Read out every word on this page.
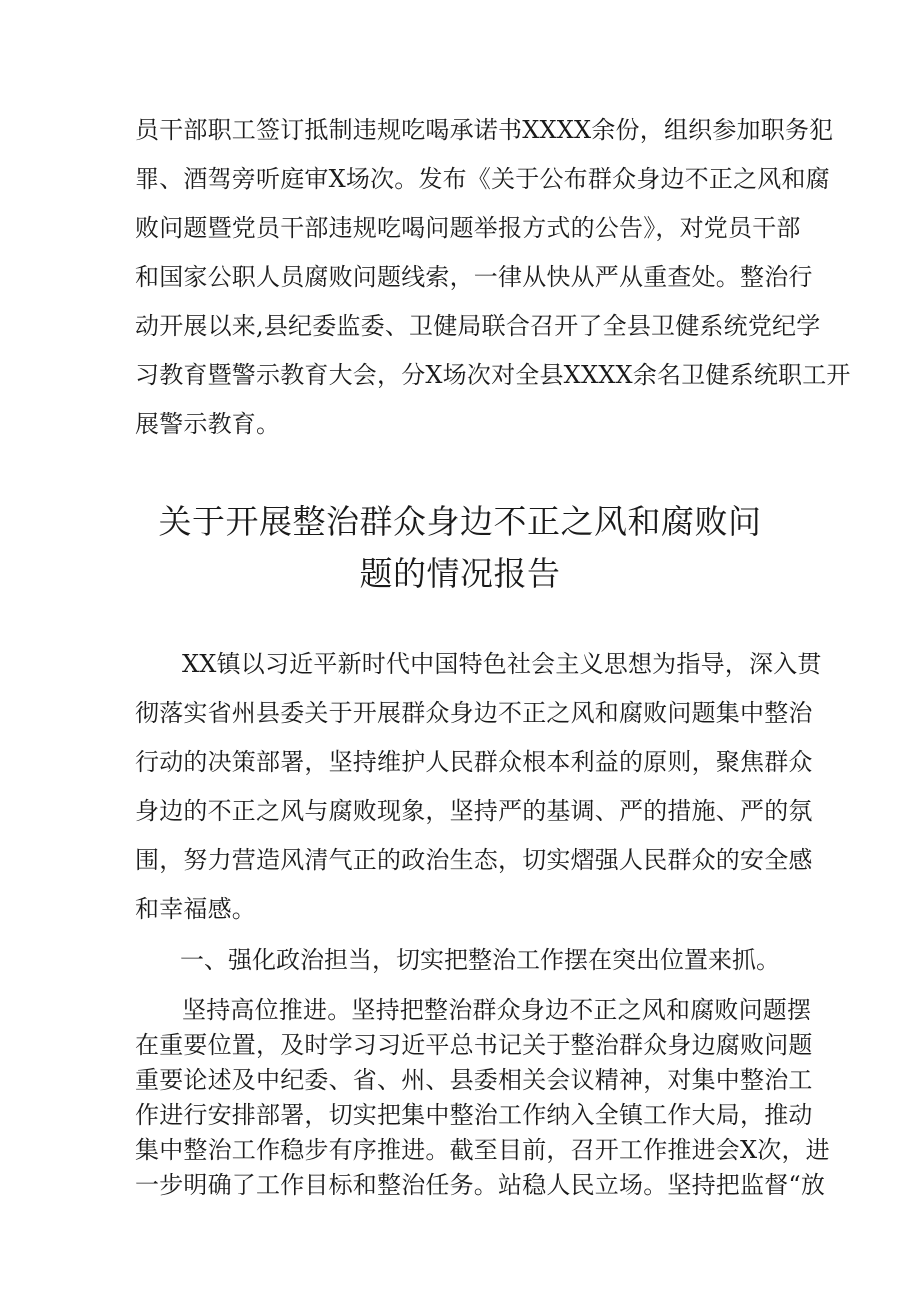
员干部职工签订抵制违规吃喝承诺书XXXX余份，组织参加职务犯
罪、酒驾旁听庭审X场次。发布《关于公布群众身边不正之风和腐
败问题暨党员干部违规吃喝问题举报方式的公告》，对党员干部
和国家公职人员腐败问题线索，一律从快从严从重查处。整治行
动开展以来,县纪委监委、卫健局联合召开了全县卫健系统党纪学
习教育暨警示教育大会，分X场次对全县XXXX余名卫健系统职工开
展警示教育。
关于开展整治群众身边不正之风和腐败问
题的情况报告
XX镇以习近平新时代中国特色社会主义思想为指导，深入贯
彻落实省州县委关于开展群众身边不正之风和腐败问题集中整治
行动的决策部署，坚持维护人民群众根本利益的原则，聚焦群众
身边的不正之风与腐败现象，坚持严的基调、严的措施、严的氛
围，努力营造风清气正的政治生态，切实熠强人民群众的安全感
和幸福感。
一、强化政治担当，切实把整治工作摆在突出位置来抓。
坚持高位推进。坚持把整治群众身边不正之风和腐败问题摆
在重要位置，及时学习习近平总书记关于整治群众身边腐败问题
重要论述及中纪委、省、州、县委相关会议精神，对集中整治工
作进行安排部署，切实把集中整治工作纳入全镇工作大局，推动
集中整治工作稳步有序推进。截至目前，召开工作推进会X次，进
一步明确了工作目标和整治任务。站稳人民立场。坚持把监督“放
